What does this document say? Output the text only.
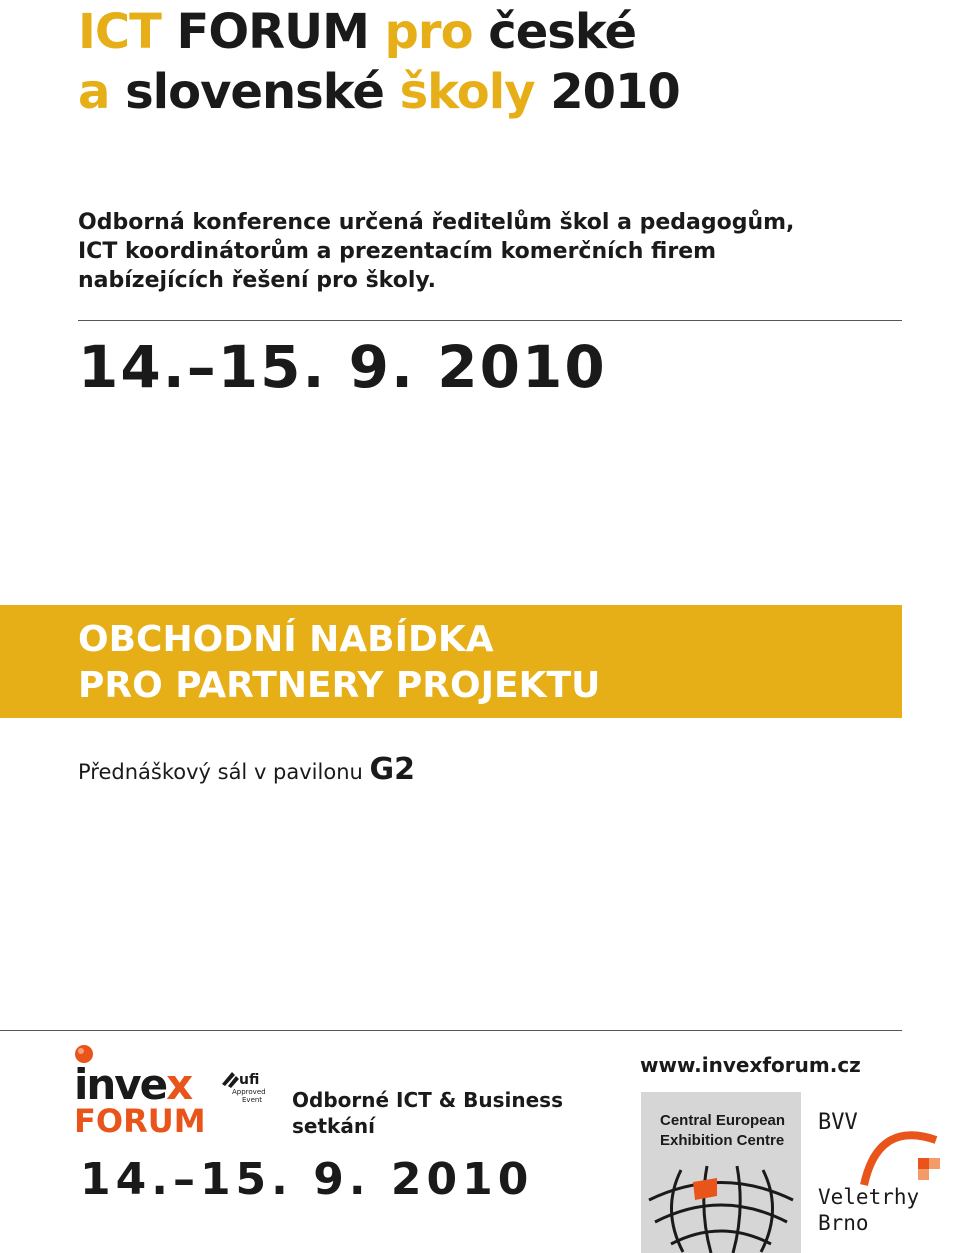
ICT FORUM pro české
a slovenské školy 2010
Odborná konference určená ředitelům škol a pedagogům,
ICT koordinátorům a prezentacím komerčních firem
nabízejících řešení pro školy.
14.–15. 9. 2010
OBCHODNÍ NABÍDKA
PRO PARTNERY PROJEKTU
Přednáškový sál v pavilonu G2
invex
FORUM
ufi
Approved
Event Odborné ICT & Business
setkání
14.–15. 9. 2010
www.invexforum.cz
Central European
Exhibition Centre
BVV
Veletrhy
Brno
